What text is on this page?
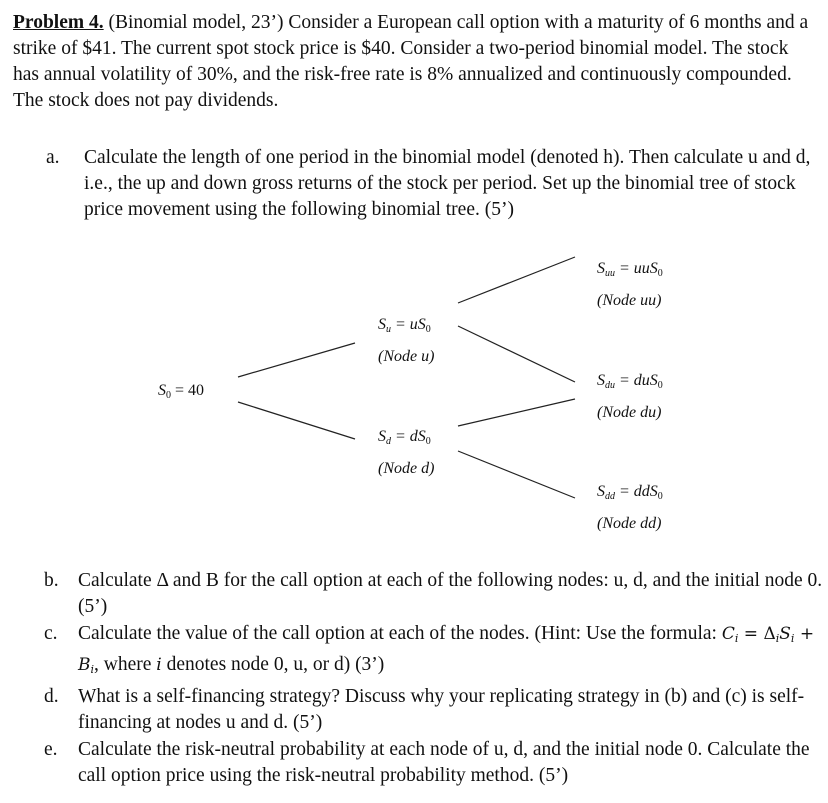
Problem 4. (Binomial model, 23’) Consider a European call option with a maturity of 6 months and a strike of $41. The current spot stock price is $40. Consider a two-period binomial model. The stock has annual volatility of 30%, and the risk-free rate is 8% annualized and continuously compounded. The stock does not pay dividends.
a. Calculate the length of one period in the binomial model (denoted h). Then calculate u and d, i.e., the up and down gross returns of the stock per period. Set up the binomial tree of stock price movement using the following binomial tree. (5’)
$S_0 = 40$
$S_u = uS_0$
(Node u)
$S_d = dS_0$
(Node d)
$S_{uu} = uuS_0$
(Node uu)
$S_{du} = duS_0$
(Node du)
$S_{dd} = ddS_0$
(Node dd)
b. Calculate Δ and B for the call option at each of the following nodes: u, d, and the initial node 0. (5’)
c. Calculate the value of the call option at each of the nodes. (Hint: Use the formula: Ci = ΔiSi + Bi, where i denotes node 0, u, or d) (3’)
d. What is a self-financing strategy? Discuss why your replicating strategy in (b) and (c) is self-financing at nodes u and d. (5’)
e. Calculate the risk-neutral probability at each node of u, d, and the initial node 0. Calculate the call option price using the risk-neutral probability method. (5’)
